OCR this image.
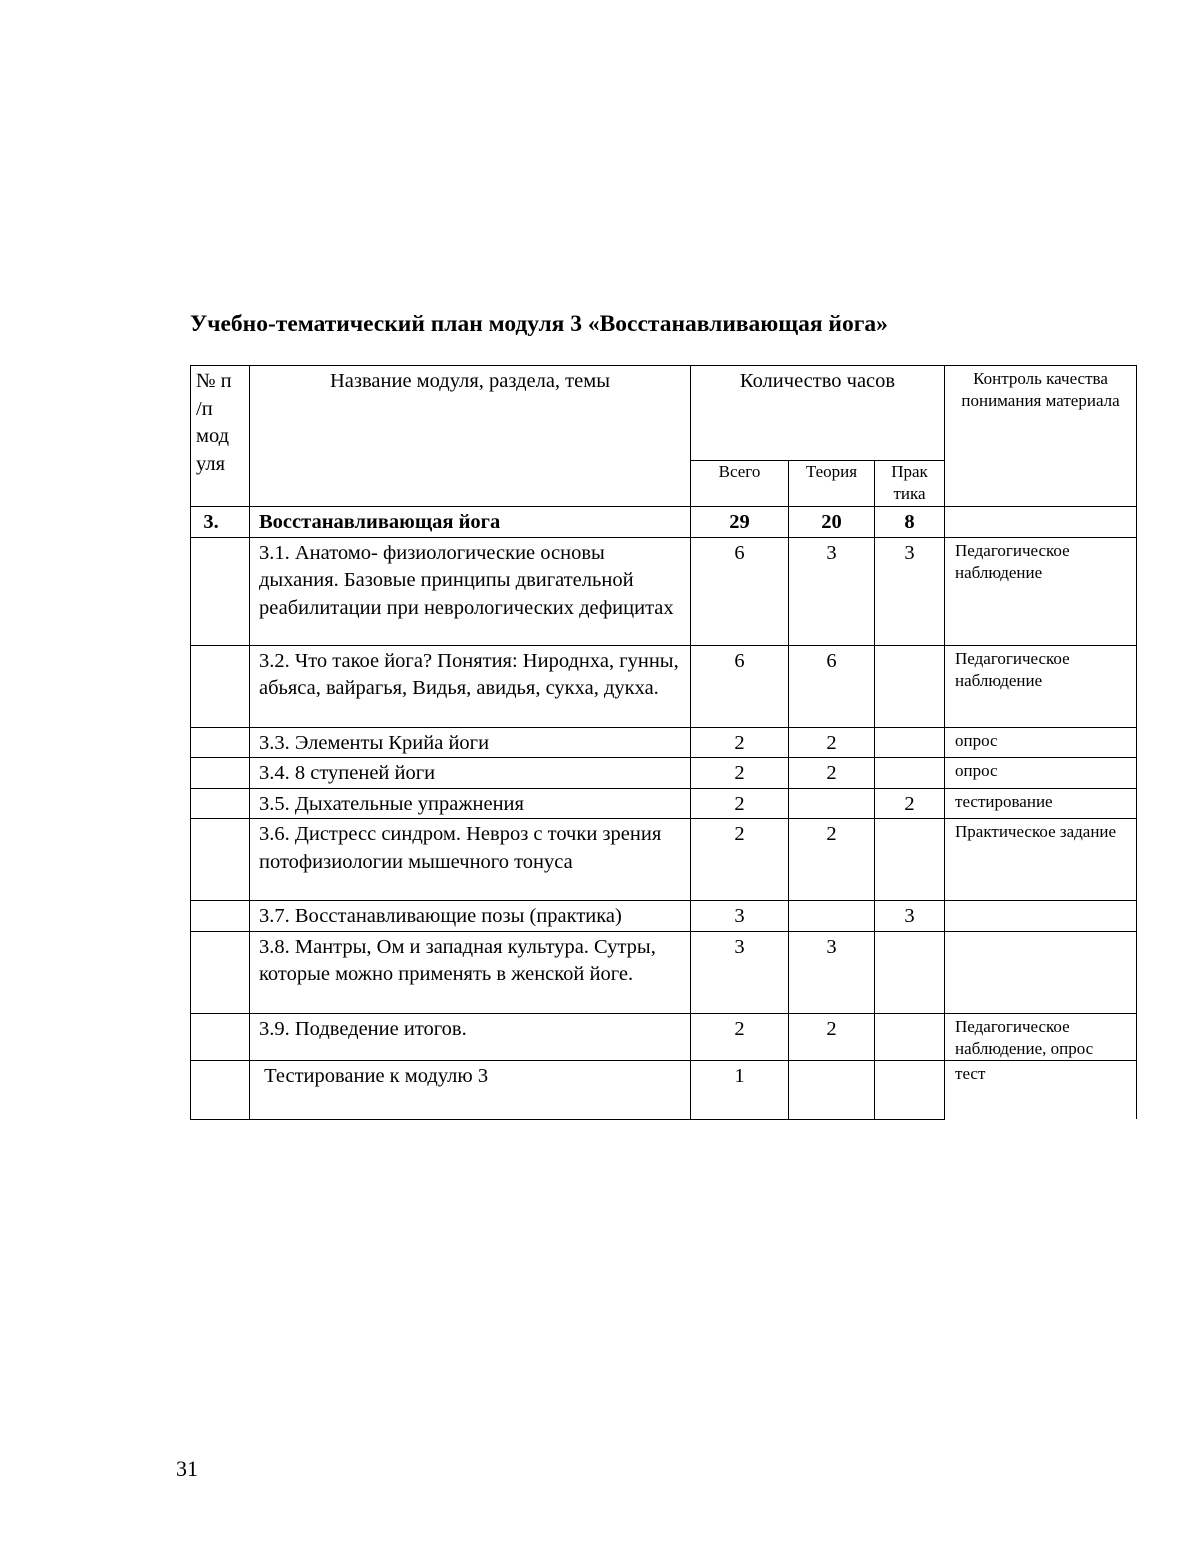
Учебно-тематический план модуля 3 «Восстанавливающая йога»
№ п /п мод уля	Название модуля, раздела, темы	Количество часов			Контроль качества понимания материала

		Всего	Теория	Прак тика	

3.	Восстанавливающая йога	29	20	8	
	3.1. Анатомо- физиологические основы дыхания. Базовые принципы двигательной реабилитации при неврологических дефицитах	6	3	3	Педагогическое наблюдение
	3.2. Что такое йога? Понятия: Нироднха, гунны, абьяса, вайрагья, Видья, авидья, сукха, дукха.	6	6		Педагогическое наблюдение
	3.3. Элементы Крийа йоги	2	2		опрос
	3.4. 8 ступеней йоги	2	2		опрос
	3.5. Дыхательные упражнения	2		2	тестирование
	3.6. Дистресс синдром. Невроз с точки зрения потофизиологии мышечного тонуса	2	2		Практическое задание
	3.7. Восстанавливающие позы (практика)	3		3	
	3.8. Мантры, Ом и западная культура. Сутры, которые можно применять в женской йоге.	3	3		
	3.9. Подведение итогов.	2	2		Педагогическое наблюдение, опрос
	Тестирование к модулю 3	1			тест
31
